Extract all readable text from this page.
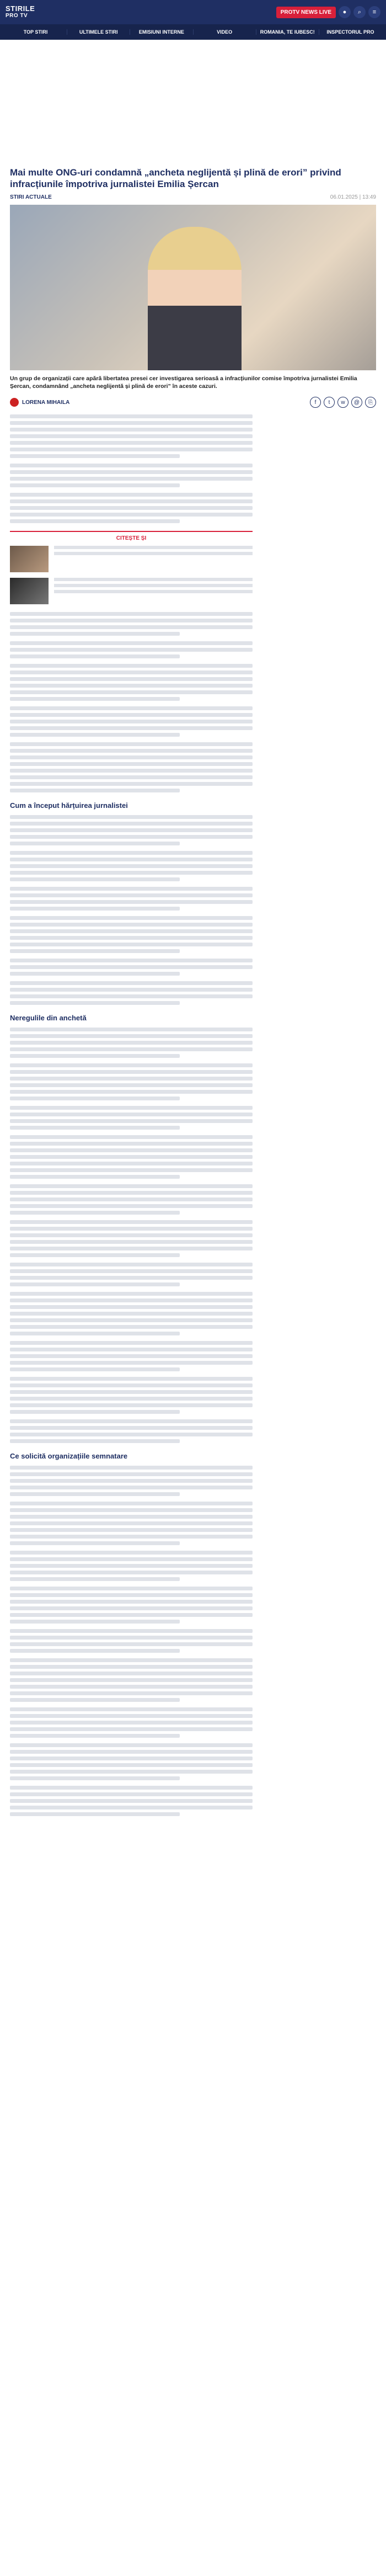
STIRILE
PRO TV
PROTV NEWS LIVE	●	⌕	≡
TOP STIRI	ULTIMELE STIRI	EMISIUNI INTERNE	VIDEO	ROMANIA, TE IUBESC!	INSPECTORUL PRO
Mai multe ONG-uri condamnă „ancheta neglijentă și plină de erori” privind infracțiunile împotriva jurnalistei Emilia Șercan
STIRI ACTUALE	06.01.2025 | 13:49
Un grup de organizații care apără libertatea presei cer investigarea serioasă a infracțiunilor comise împotriva jurnalistei Emilia Șercan, condamnând „ancheta neglijentă și plină de erori” în aceste cazuri.
LORENA MIHAILA	f	t	w	@	⎘
CITEȘTE ȘI
Cum a început hărțuirea jurnalistei
Neregulile din anchetă
Ce solicită organizațiile semnatare
